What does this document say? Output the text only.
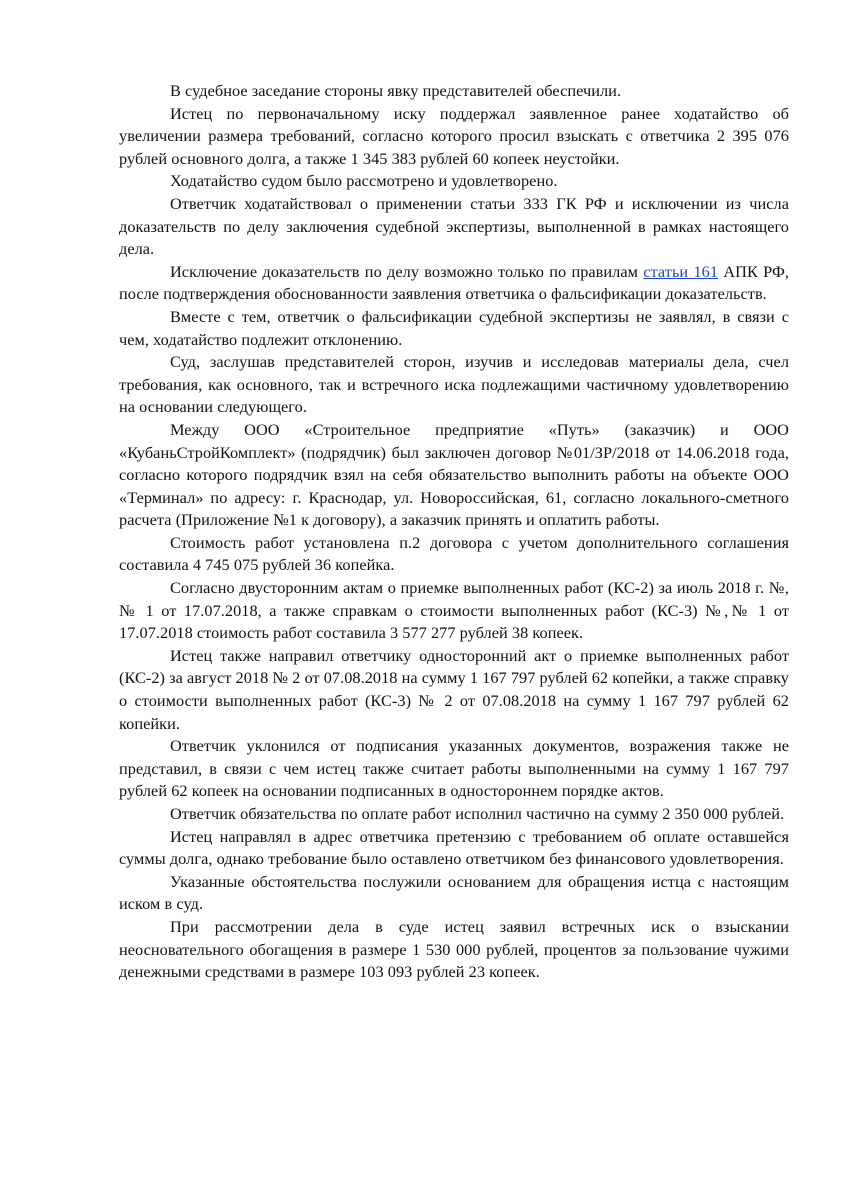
В судебное заседание стороны явку представителей обеспечили.

Истец по первоначальному иску поддержал заявленное ранее ходатайство об увеличении размера требований, согласно которого просил взыскать с ответчика 2 395 076 рублей основного долга, а также 1 345 383 рублей 60 копеек неустойки.

Ходатайство судом было рассмотрено и удовлетворено.

Ответчик ходатайствовал о применении статьи 333 ГК РФ и исключении из числа доказательств по делу заключения судебной экспертизы, выполненной в рамках настоящего дела.

Исключение доказательств по делу возможно только по правилам статьи 161 АПК РФ, после подтверждения обоснованности заявления ответчика о фальсификации доказательств.

Вместе с тем, ответчик о фальсификации судебной экспертизы не заявлял, в связи с чем, ходатайство подлежит отклонению.

Суд, заслушав представителей сторон, изучив и исследовав материалы дела, счел требования, как основного, так и встречного иска подлежащими частичному удовлетворению на основании следующего.

Между ООО «Строительное предприятие «Путь» (заказчик) и ООО «КубаньСтройКомплект» (подрядчик) был заключен договор №01/ЗР/2018 от 14.06.2018 года, согласно которого подрядчик взял на себя обязательство выполнить работы на объекте ООО «Терминал» по адресу: г. Краснодар, ул. Новороссийская, 61, согласно локального-сметного расчета (Приложение №1 к договору), а заказчик принять и оплатить работы.

Стоимость работ установлена п.2 договора с учетом дополнительного соглашения составила 4 745 075 рублей 36 копейка.

Согласно двусторонним актам о приемке выполненных работ (КС-2) за июль 2018 г. №, № 1 от 17.07.2018, а также справкам о стоимости выполненных работ (КС-3) №,№ 1 от 17.07.2018 стоимость работ составила 3 577 277 рублей 38 копеек.

Истец также направил ответчику односторонний акт о приемке выполненных работ (КС-2) за август 2018 № 2 от 07.08.2018 на сумму 1 167 797 рублей 62 копейки, а также справку о стоимости выполненных работ (КС-3) № 2 от 07.08.2018 на сумму 1 167 797 рублей 62 копейки.

Ответчик уклонился от подписания указанных документов, возражения также не представил, в связи с чем истец также считает работы выполненными на сумму 1 167 797 рублей 62 копеек на основании подписанных в одностороннем порядке актов.

Ответчик обязательства по оплате работ исполнил частично на сумму 2 350 000 рублей.

Истец направлял в адрес ответчика претензию с требованием об оплате оставшейся суммы долга, однако требование было оставлено ответчиком без финансового удовлетворения.

Указанные обстоятельства послужили основанием для обращения истца с настоящим иском в суд.

При рассмотрении дела в суде истец заявил встречных иск о взыскании неосновательного обогащения в размере 1 530 000 рублей, процентов за пользование чужими денежными средствами в размере 103 093 рублей 23 копеек.
